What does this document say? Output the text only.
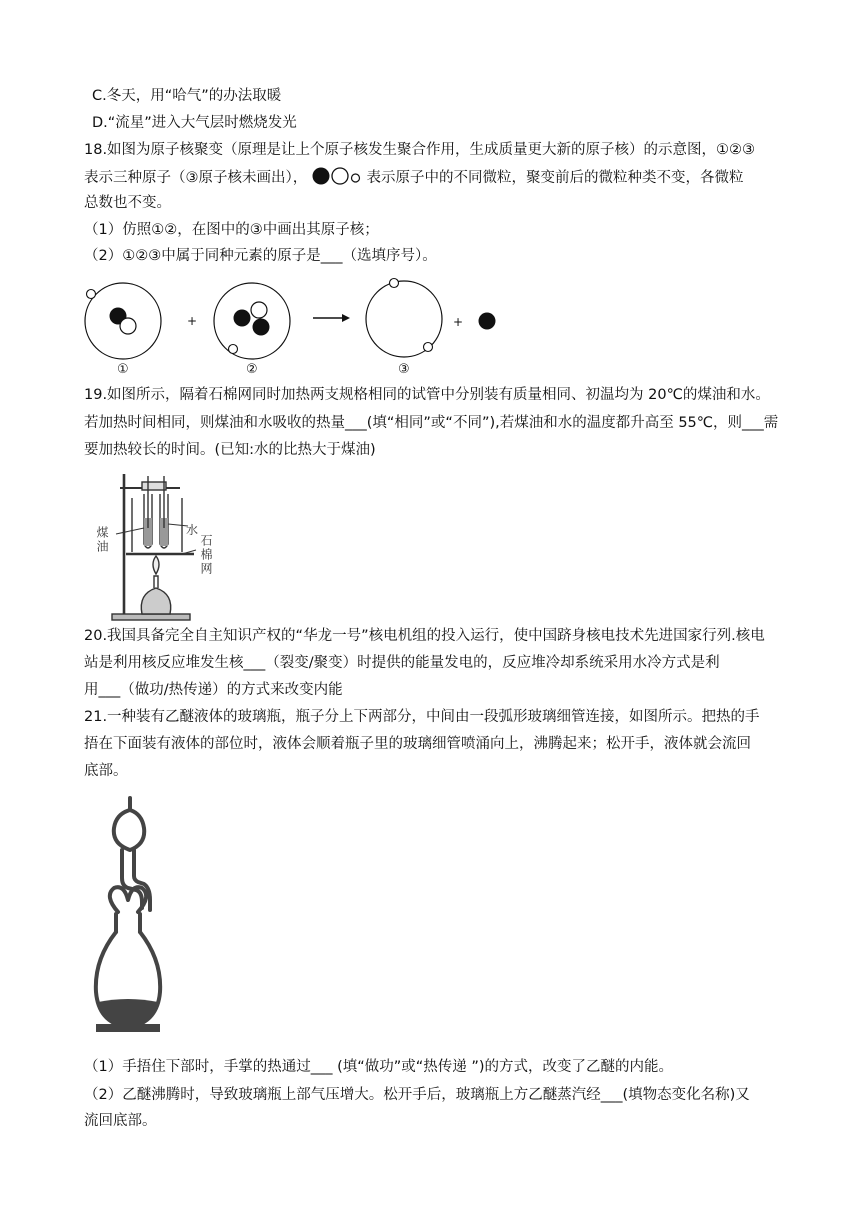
C.冬天，用“哈气”的办法取暖
D.“流星”进入大气层时燃烧发光
18.如图为原子核聚变（原理是让上个原子核发生聚合作用，生成质量更大新的原子核）的示意图，①②③
表示三种原子（③原子核未画出），	表示原子中的不同微粒，聚变前后的微粒种类不变，各微粒
总数也不变。
（1）仿照①②，在图中的③中画出其原子核；
（2）①②③中属于同种元素的原子是___（选填序号）。
①
+
②	③
+
19.如图所示，隔着石棉网同时加热两支规格相同的试管中分别装有质量相同、初温均为 20℃的煤油和水。
若加热时间相同，则煤油和水吸收的热量___(填“相同”或“不同”),若煤油和水的温度都升高至 55℃，则___需
要加热较长的时间。(已知:水的比热大于煤油)
煤油	水
石棉网
20.我国具备完全自主知识产权的“华龙一号”核电机组的投入运行，使中国跻身核电技术先进国家行列.核电
站是利用核反应堆发生核___（裂变/聚变）时提供的能量发电的，反应堆冷却系统采用水冷方式是利
用___（做功/热传递）的方式来改变内能
21.一种装有乙醚液体的玻璃瓶，瓶子分上下两部分，中间由一段弧形玻璃细管连接，如图所示。把热的手
捂在下面装有液体的部位时，液体会顺着瓶子里的玻璃细管喷涌向上，沸腾起来；松开手，液体就会流回
底部。
（1）手捂住下部时，手掌的热通过___ (填“做功”或“热传递 ”)的方式，改变了乙醚的内能。
（2）乙醚沸腾时，导致玻璃瓶上部气压增大。松开手后，玻璃瓶上方乙醚蒸汽经___(填物态变化名称)又
流回底部。
